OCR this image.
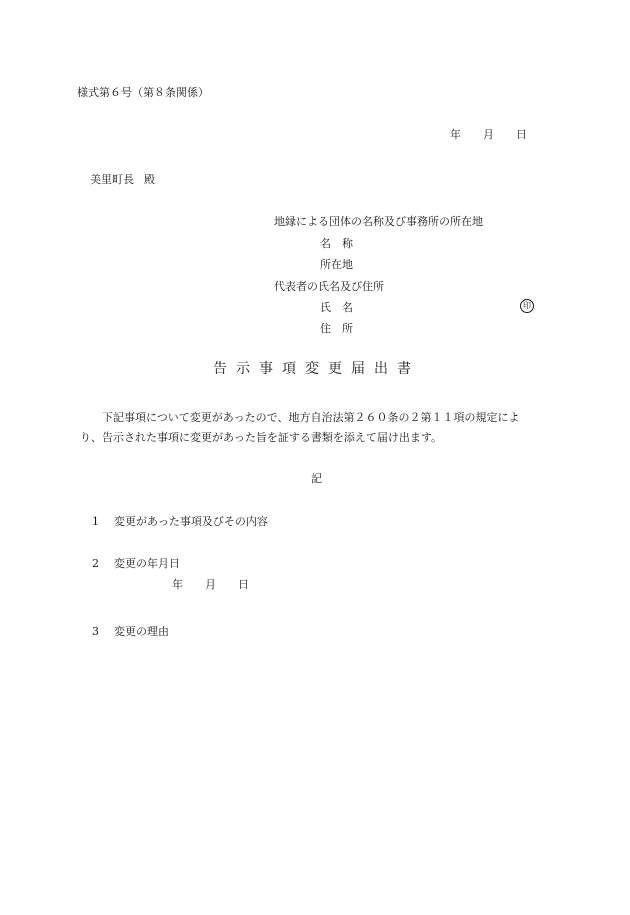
様式第６号（第８条関係）
年 月 日
美里町長 殿
地縁による団体の名称及び事務所の所在地
名　称
所在地
代表者の氏名及び住所
氏　名	印
住　所
告示事項変更届出書

　　下記事項について変更があったので、地方自治法第２６０条の２第１１項の規定によ

り、告示された事項に変更があった旨を証する書類を添えて届け出ます。

記
1 変更があった事項及びその内容
2 変更の年月日
年 月 日
3 変更の理由
